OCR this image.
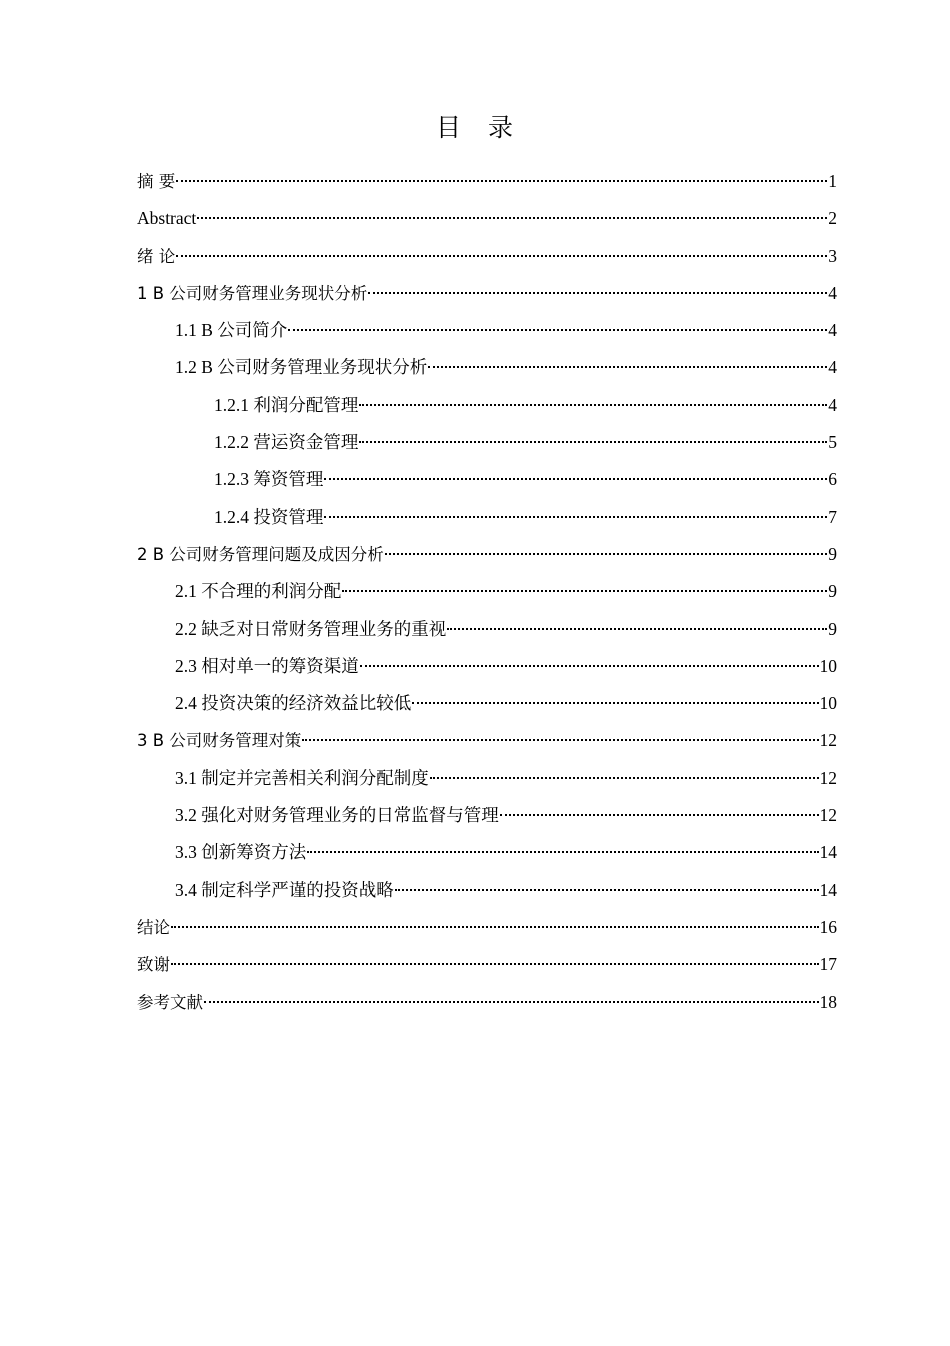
目　录
摘 要	1
Abstract	2
绪 论	3
1 B 公司财务管理业务现状分析	4
1.1 B 公司简介	4
1.2 B 公司财务管理业务现状分析	4
1.2.1 利润分配管理	4
1.2.2 营运资金管理	5
1.2.3 筹资管理	6
1.2.4 投资管理	7
2 B 公司财务管理问题及成因分析	9
2.1 不合理的利润分配	9
2.2 缺乏对日常财务管理业务的重视	9
2.3 相对单一的筹资渠道	10
2.4 投资决策的经济效益比较低	10
3 B 公司财务管理对策	12
3.1 制定并完善相关利润分配制度	12
3.2 强化对财务管理业务的日常监督与管理	12
3.3 创新筹资方法	14
3.4 制定科学严谨的投资战略	14
结论	16
致谢	17
参考文献	18
